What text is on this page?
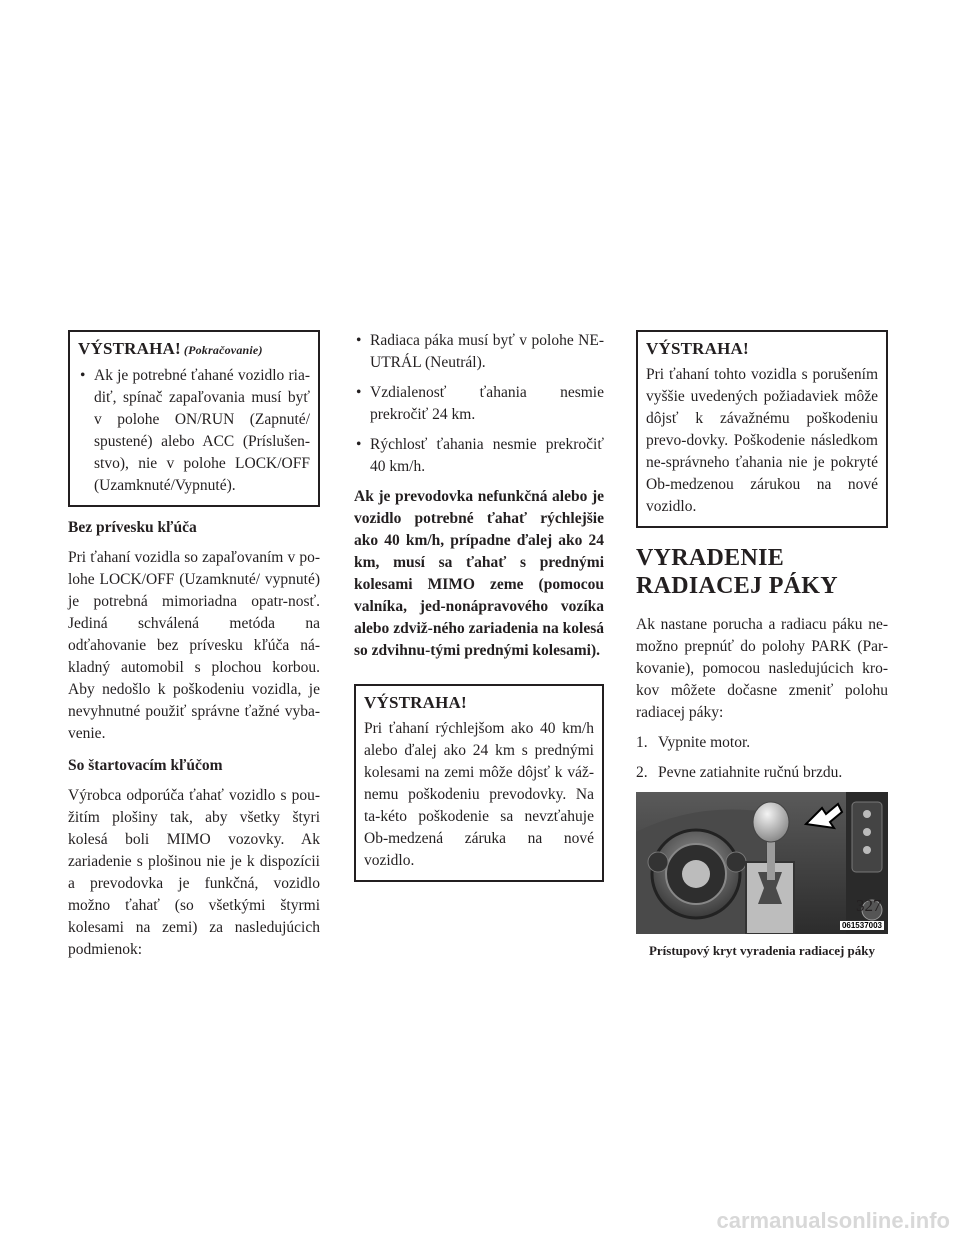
VÝSTRAHA! (Pokračovanie)

• Ak je potrebné ťahané vozidlo ria-diť, spínač zapaľovania musí byť v polohe ON/RUN (Zapnuté/ spustené) alebo ACC (Príslušen-stvo), nie v polohe LOCK/OFF (Uzamknuté/Vypnuté).

Bez prívesku kľúča

Pri ťahaní vozidla so zapaľovaním v po-lohe LOCK/OFF (Uzamknuté/ vypnuté) je potrebná mimoriadna opatr-nosť. Jediná schválená metóda na odťahovanie bez prívesku kľúča ná-kladný automobil s plochou korbou. Aby nedošlo k poškodeniu vozidla, je nevyhnutné použiť správne ťažné vyba-venie.

So štartovacím kľúčom

Výrobca odporúča ťahať vozidlo s pou-žitím plošiny tak, aby všetky štyri kolesá boli MIMO vozovky. Ak zariadenie s plošinou nie je k dispozícii a prevodovka je funkčná, vozidlo možno ťahať (so všetkými štyrmi kolesami na zemi) za nasledujúcich podmienok:

• Radiaca páka musí byť v polohe NE-UTRÁL (Neutrál).

• Vzdialenosť ťahania nesmie prekročiť 24 km.

• Rýchlosť ťahania nesmie prekročiť 40 km/h.

Ak je prevodovka nefunkčná alebo je vozidlo potrebné ťahať rýchlejšie ako 40 km/h, prípadne ďalej ako 24 km, musí sa ťahať s prednými kolesami MIMO zeme (pomocou valníka, jed-nonápravového vozíka alebo zdviž-ného zariadenia na kolesá so zdvihnu-tými prednými kolesami).

VÝSTRAHA!

Pri ťahaní rýchlejšom ako 40 km/h alebo ďalej ako 24 km s prednými kolesami na zemi môže dôjsť k váž-nemu poškodeniu prevodovky. Na ta-kéto poškodenie sa nevzťahuje Ob-medzená záruka na nové vozidlo.

VÝSTRAHA!

Pri ťahaní tohto vozidla s porušením vyššie uvedených požiadaviek môže dôjsť k závažnému poškodeniu prevo-dovky. Poškodenie následkom ne-správneho ťahania nie je pokryté Ob-medzenou zárukou na nové vozidlo.

VYRADENIE RADIACEJ PÁKY

Ak nastane porucha a radiacu páku ne-možno prepnúť do polohy PARK (Par-kovanie), pomocou nasledujúcich kro-kov môžete dočasne zmeniť polohu radiacej páky:

1. Vypnite motor.

2. Pevne zatiahnite ručnú brzdu.

061537003
Prístupový kryt vyradenia radiacej páky
327
carmanualsonline.info
